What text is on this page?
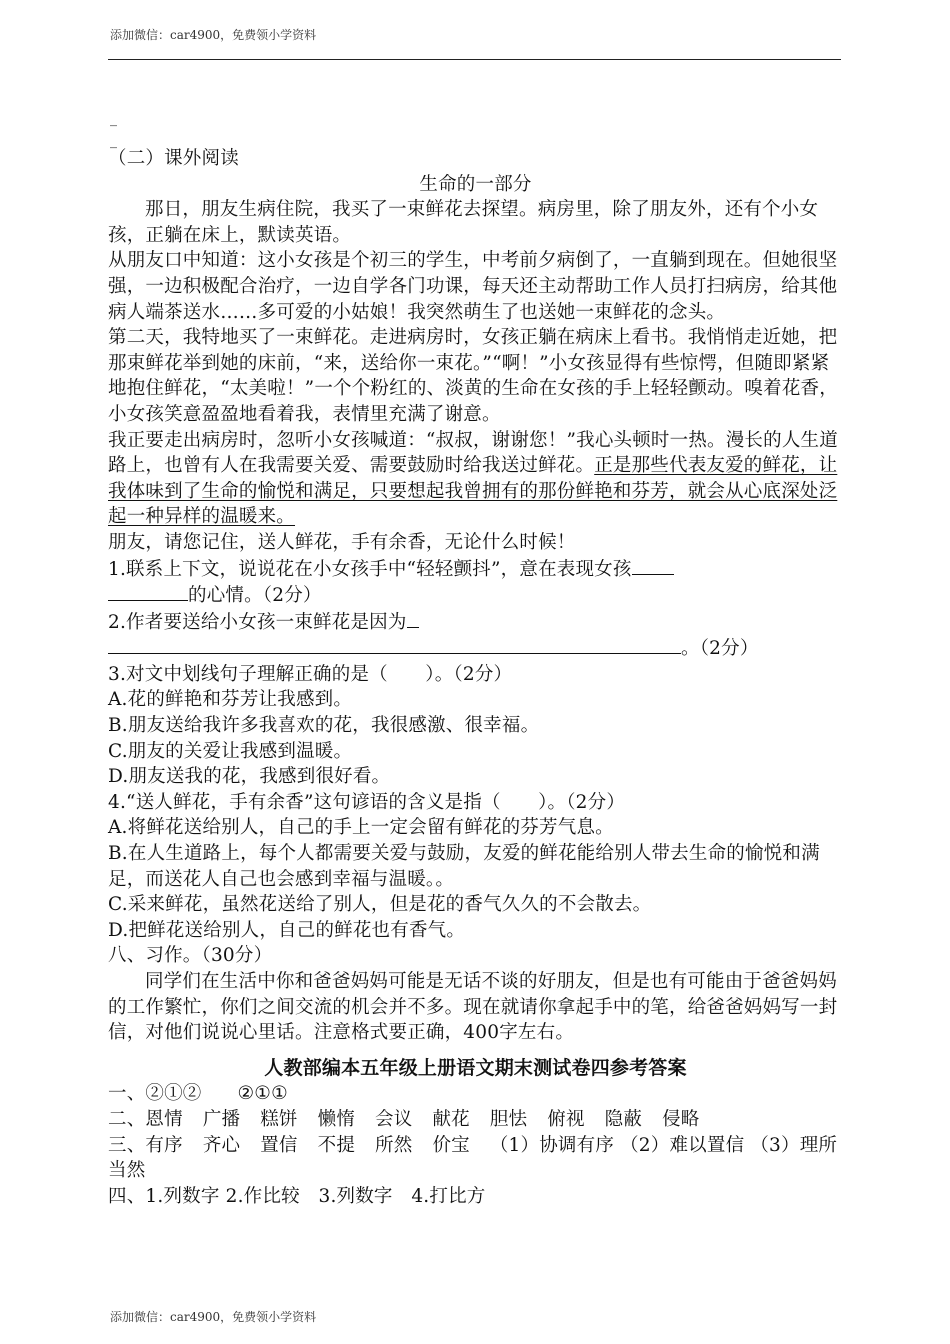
添加微信：car4900，免费领小学资料
_
_

（二）课外阅读

生命的一部分

那日，朋友生病住院，我买了一束鲜花去探望。病房里，除了朋友外，还有个小女孩，正躺在床上，默读英语。

从朋友口中知道：这小女孩是个初三的学生，中考前夕病倒了，一直躺到现在。但她很坚强，一边积极配合治疗，一边自学各门功课，每天还主动帮助工作人员打扫病房，给其他病人端茶送水……多可爱的小姑娘！我突然萌生了也送她一束鲜花的念头。

第二天，我特地买了一束鲜花。走进病房时，女孩正躺在病床上看书。我悄悄走近她，把那束鲜花举到她的床前，“来，送给你一束花。”“啊！”小女孩显得有些惊愕，但随即紧紧地抱住鲜花，“太美啦！”一个个粉红的、淡黄的生命在女孩的手上轻轻颤动。嗅着花香，小女孩笑意盈盈地看着我，表情里充满了谢意。

我正要走出病房时，忽听小女孩喊道：“叔叔，谢谢您！”我心头顿时一热。漫长的人生道路上，也曾有人在我需要关爱、需要鼓励时给我送过鲜花。正是那些代表友爱的鲜花，让我体味到了生命的愉悦和满足，只要想起我曾拥有的那份鲜艳和芬芳，就会从心底深处泛起一种异样的温暖来。

朋友，请您记住，送人鲜花，手有余香，无论什么时候！

1.联系上下文，说说花在小女孩手中“轻轻颤抖”，意在表现女孩

的心情。（2分）

2.作者要送给小女孩一束鲜花是因为

。（2分）

3.对文中划线句子理解正确的是（　　）。（2分）

A.花的鲜艳和芬芳让我感到。

B.朋友送给我许多我喜欢的花，我很感激、很幸福。

C.朋友的关爱让我感到温暖。

D.朋友送我的花，我感到很好看。

4.“送人鲜花，手有余香”这句谚语的含义是指（　　）。（2分）

A.将鲜花送给别人，自己的手上一定会留有鲜花的芬芳气息。

B.在人生道路上，每个人都需要关爱与鼓励，友爱的鲜花能给别人带去生命的愉悦和满足，而送花人自己也会感到幸福与温暖。。

C.采来鲜花，虽然花送给了别人，但是花的香气久久的不会散去。

D.把鲜花送给别人，自己的鲜花也有香气。

八、习作。（30分）

同学们在生活中你和爸爸妈妈可能是无话不谈的好朋友，但是也有可能由于爸爸妈妈的工作繁忙，你们之间交流的机会并不多。现在就请你拿起手中的笔，给爸爸妈妈写一封信，对他们说说心里话。注意格式要正确，400字左右。

人教部编本五年级上册语文期末测试卷四参考答案

一、②①② ②①①

二、恩情 广播 糕饼 懒惰 会议 献花 胆怯 俯视 隐蔽 侵略

三、有序 齐心 置信 不提 所然 价宝 （1）协调有序 （2）难以置信 （3）理所当然

四、1.列数字 2.作比较　3.列数字　4.打比方

添加微信：car4900，免费领小学资料
